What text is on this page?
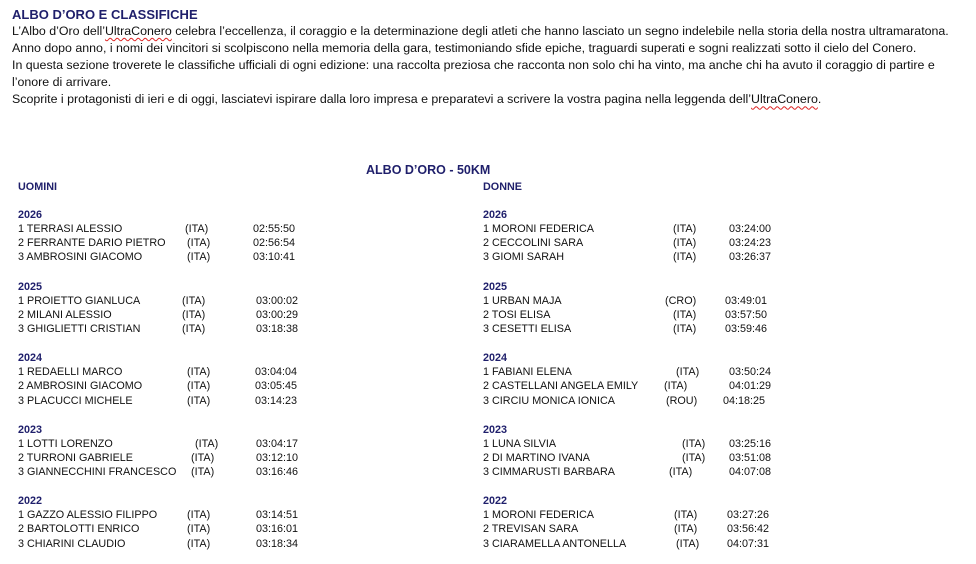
ALBO D’ORO E CLASSIFICHE

L’Albo d’Oro dell’UltraConero celebra l’eccellenza, il coraggio e la determinazione degli atleti che hanno lasciato un segno indelebile nella storia della nostra ultramaratona.

Anno dopo anno, i nomi dei vincitori si scolpiscono nella memoria della gara, testimoniando sfide epiche, traguardi superati e sogni realizzati sotto il cielo del Conero.

In questa sezione troverete le classifiche ufficiali di ogni edizione: una raccolta preziosa che racconta non solo chi ha vinto, ma anche chi ha avuto il coraggio di partire e l’onore di arrivare.

Scoprite i protagonisti di ieri e di oggi, lasciatevi ispirare dalla loro impresa e preparatevi a scrivere la vostra pagina nella leggenda dell’UltraConero.

ALBO D’ORO - 50KM
UOMINI
2026
1 TERRASI ALESSIO	(ITA)	02:55:50
2 FERRANTE DARIO PIETRO (ITA)	02:56:54
3 AMBROSINI GIACOMO	(ITA)	03:10:41
2025
1 PROIETTO GIANLUCA	(ITA)	03:00:02
2 MILANI ALESSIO	(ITA)	03:00:29
3 GHIGLIETTI CRISTIAN	(ITA)	03:18:38
2024
1 REDAELLI MARCO	(ITA)	03:04:04
2 AMBROSINI GIACOMO	(ITA)	03:05:45
3 PLACUCCI MICHELE	(ITA)	03:14:23
2023
1 LOTTI LORENZO	(ITA)	03:04:17
2 TURRONI GABRIELE	(ITA)	03:12:10
3 GIANNECCHINI FRANCESCO (ITA)	03:16:46
2022
1 GAZZO ALESSIO FILIPPO	(ITA)	03:14:51
2 BARTOLOTTI ENRICO	(ITA)	03:16:01
3 CHIARINI CLAUDIO	(ITA)	03:18:34
DONNE
2026
1 MORONI FEDERICA	(ITA)	03:24:00
2 CECCOLINI SARA	(ITA)	03:24:23
3 GIOMI SARAH	(ITA)	03:26:37
2025
1 URBAN MAJA	(CRO)	03:49:01
2 TOSI ELISA	(ITA)	03:57:50
3 CESETTI ELISA	(ITA)	03:59:46
2024
1 FABIANI ELENA	(ITA)	03:50:24
2 CASTELLANI ANGELA EMILY (ITA)	04:01:29
3 CIRCIU MONICA IONICA	(ROU) 04:18:25
2023
1 LUNA SILVIA	(ITA) 03:25:16
2 DI MARTINO IVANA	(ITA) 03:51:08
3 CIMMARUSTI BARBARA	(ITA)	04:07:08
2022
1 MORONI FEDERICA	(ITA)	03:27:26
2 TREVISAN SARA	(ITA)	03:56:42
3 CIARAMELLA ANTONELLA	(ITA)	04:07:31
